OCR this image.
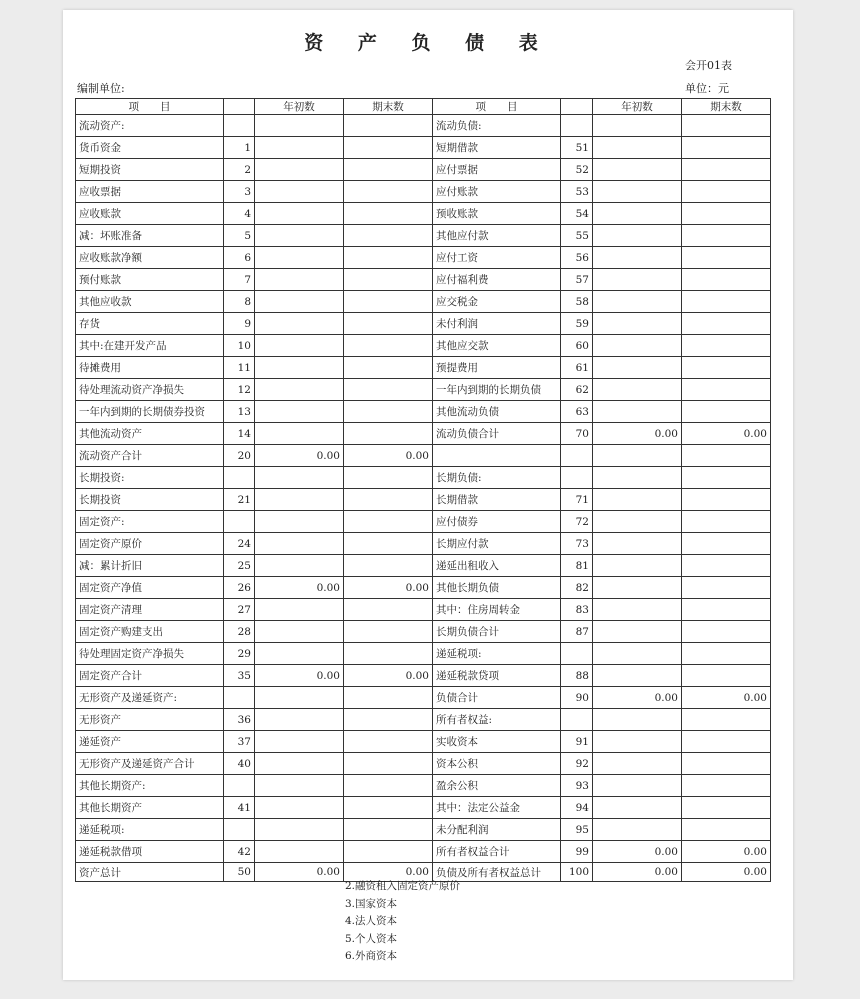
资 产 负 债 表
会开01表
编制单位:	单位：元
项　　目		年初数	期末数	项　　目		年初数	期末数
流动资产:				流动负债:			
货币资金	1			短期借款	51		
短期投资	2			应付票据	52		
应收票据	3			应付账款	53		
应收账款	4			预收账款	54		
减：坏账准备	5			其他应付款	55		
应收账款净额	6			应付工资	56		
预付账款	7			应付福利费	57		
其他应收款	8			应交税金	58		
存货	9			未付利润	59		
其中:在建开发产品	10			其他应交款	60		
待摊费用	11			预提费用	61		
待处理流动资产净损失	12			一年内到期的长期负债	62		
一年内到期的长期债券投资	13			其他流动负债	63		
其他流动资产	14			流动负债合计	70	0.00	0.00
流动资产合计	20	0.00	0.00				
长期投资:				长期负债:			
长期投资	21			长期借款	71		
固定资产:				应付债券	72		
固定资产原价	24			长期应付款	73		
减：累计折旧	25			递延出租收入	81		
固定资产净值	26	0.00	0.00	其他长期负债	82		
固定资产清理	27			其中：住房周转金	83		
固定资产购建支出	28			长期负债合计	87		
待处理固定资产净损失	29			递延税项:			
固定资产合计	35	0.00	0.00	递延税款贷项	88		
无形资产及递延资产:				负债合计	90	0.00	0.00
无形资产	36			所有者权益:			
递延资产	37			实收资本	91		
无形资产及递延资产合计	40			资本公积	92		
其他长期资产:				盈余公积	93		
其他长期资产	41			其中：法定公益金	94		
递延税项:				未分配利润	95		
递延税款借项	42			所有者权益合计	99	0.00	0.00
资产总计	50	0.00	0.00	负债及所有者权益总计	100	0.00	0.00
2.融资租入固定资产原价
3.国家资本
4.法人资本
5.个人资本
6.外商资本
